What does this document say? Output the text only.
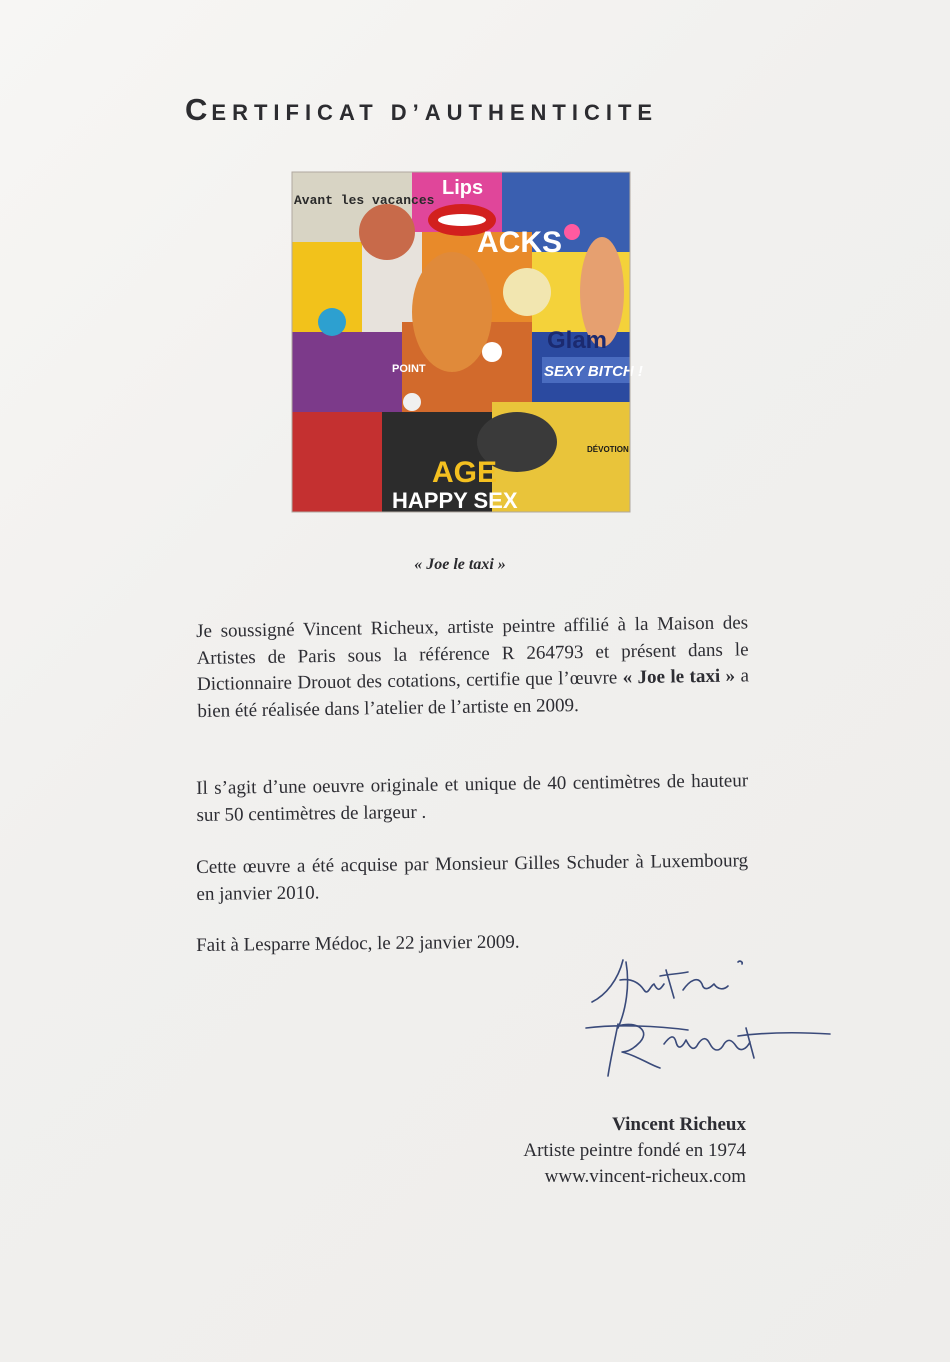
CERTIFICAT D’AUTHENTICITE
SEXY BITCH !
HAPPY SEX
AGE
ACKS
Avant les vacances
POINT
Lips
Glam
DÉVOTION
« Joe le taxi »
Je soussigné Vincent Richeux, artiste peintre affilié à la Maison des Artistes de Paris sous la référence R 264793 et présent dans le Dictionnaire Drouot des cotations, certifie que l’œuvre « Joe le taxi » a bien été réalisée dans l’atelier de l’artiste en 2009.
Il s’agit d’une oeuvre originale et unique de 40 centimètres de hauteur sur 50 centimètres de largeur .
Cette œuvre a été acquise par Monsieur Gilles Schuder à Luxembourg en janvier 2010.
Fait à Lesparre Médoc, le 22 janvier 2009.
Vincent Richeux
Artiste peintre fondé en 1974
www.vincent-richeux.com
